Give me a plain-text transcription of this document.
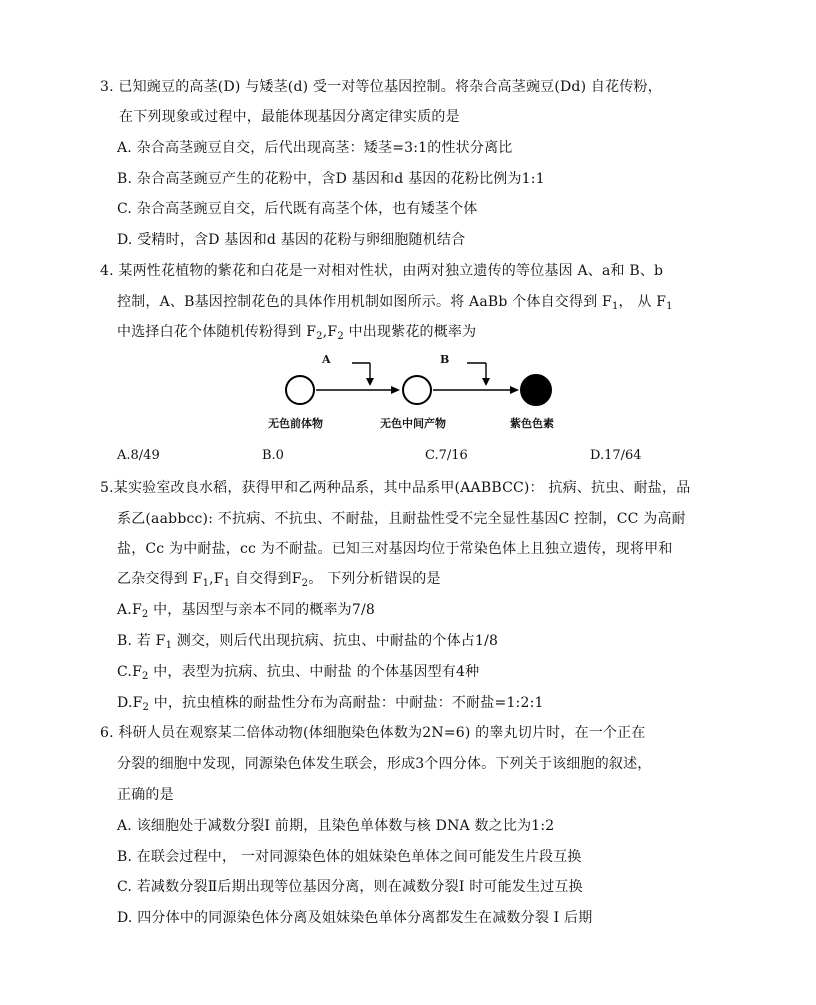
3. 已知豌豆的高茎(D) 与矮茎(d) 受一对等位基因控制。将杂合高茎豌豆(Dd) 自花传粉，
在下列现象或过程中，最能体现基因分离定律实质的是
A. 杂合高茎豌豆自交，后代出现高茎：矮茎=3:1的性状分离比
B. 杂合高茎豌豆产生的花粉中，含D 基因和d 基因的花粉比例为1:1
C. 杂合高茎豌豆自交，后代既有高茎个体，也有矮茎个体
D. 受精时，含D 基因和d 基因的花粉与卵细胞随机结合
4. 某两性花植物的紫花和白花是一对相对性状，由两对独立遗传的等位基因 A、a和 B、b
控制，A、B基因控制花色的具体作用机制如图所示。将 AaBb 个体自交得到 $F_1$， 从 $F_1$
中选择白花个体随机传粉得到 $F_2,F_2$ 中出现紫花的概率为
A	B
无色前体物	无色中间产物	紫色色素
A.8/49	B.0	C.7/16	D.17/64
5.某实验室改良水稻，获得甲和乙两种品系，其中品系甲(AABBCC)： 抗病、抗虫、耐盐，品
系乙(aabbcc): 不抗病、不抗虫、不耐盐，且耐盐性受不完全显性基因C 控制，CC 为高耐
盐，Cc 为中耐盐，cc 为不耐盐。已知三对基因均位于常染色体上且独立遗传，现将甲和
乙杂交得到 $F_1,F_1$ 自交得到$F_2$。 下列分析错误的是
$A.F_2$ 中，基因型与亲本不同的概率为7/8
B. 若 $F_1$ 测交，则后代出现抗病、抗虫、中耐盐的个体占1/8
$C.F_2$ 中，表型为抗病、抗虫、中耐盐 的个体基因型有4种
$D.F_2$ 中，抗虫植株的耐盐性分布为高耐盐：中耐盐：不耐盐=1:2:1
6. 科研人员在观察某二倍体动物(体细胞染色体数为2N=6) 的睾丸切片时，在一个正在
分裂的细胞中发现，同源染色体发生联会，形成3个四分体。下列关于该细胞的叙述，
正确的是
A. 该细胞处于减数分裂I 前期，且染色单体数与核 DNA 数之比为1:2
B. 在联会过程中， 一对同源染色体的姐妹染色单体之间可能发生片段互换
C. 若减数分裂Ⅱ后期出现等位基因分离，则在减数分裂I 时可能发生过互换
D. 四分体中的同源染色体分离及姐妹染色单体分离都发生在减数分裂 I 后期
